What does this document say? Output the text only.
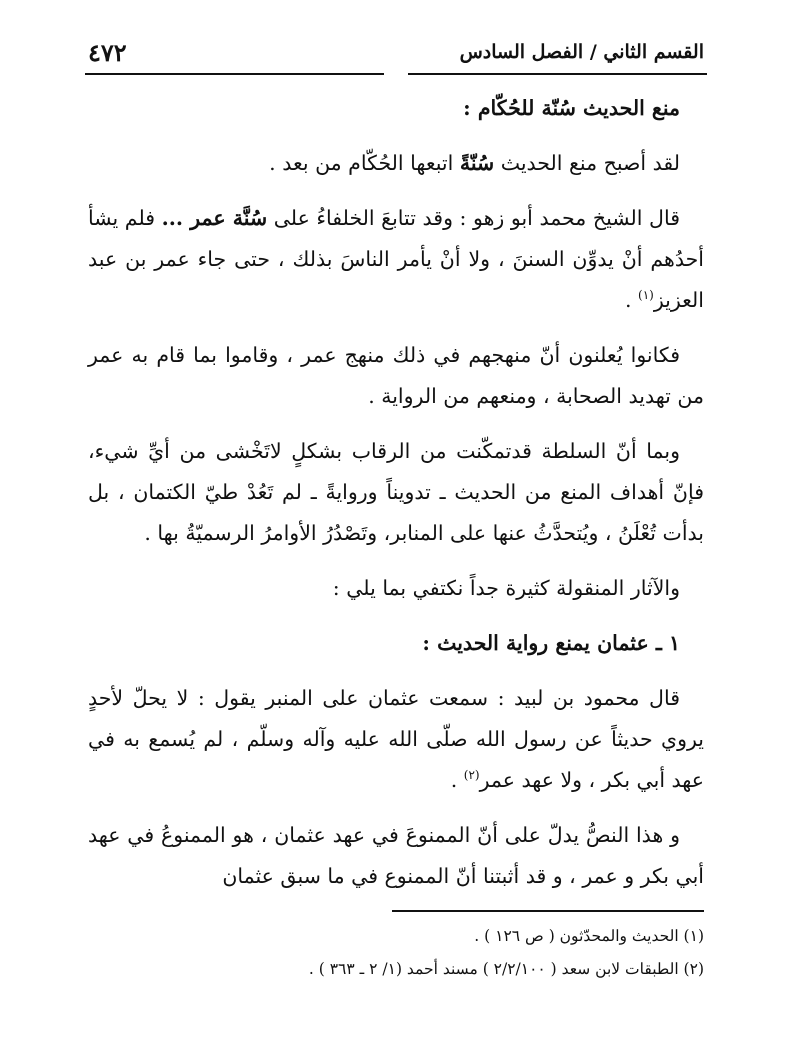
القسم الثاني / الفصل السادس
٤٧٢

منع الحديث سُنّة للحُكّام :

لقد أصبح منع الحديث سُنّةً اتبعها الحُكّام من بعد .

قال الشيخ محمد أبو زهو : وقد تتابعَ الخلفاءُ على سُنَّة عمر ... فلم يشأ أحدُهم أنْ يدوِّن السننَ ، ولا أنْ يأمر الناسَ بذلك ، حتى جاء عمر بن عبد العزيز$^{(١)}$ .

فكانوا يُعلنون أنّ منهجهم في ذلك منهج عمر ، وقاموا بما قام به عمر من تهديد الصحابة ، ومنعهم من الرواية .

وبما أنّ السلطة قدتمكّنت من الرقاب بشكلٍ لاتَخْشى من أيِّ شيء، فإنّ أهداف المنع من الحديث ـ تدويناً وروايةً ـ لم تَعُدْ طيّ الكتمان ، بل بدأت تُعْلَنُ ، ويُتحدَّثُ عنها على المنابر، وتَصْدُرُ الأوامرُ الرسميّةُ بها .

والآثار المنقولة كثيرة جداً نكتفي بما يلي :

١ ـ عثمان يمنع رواية الحديث :

قال محمود بن لبيد : سمعت عثمان على المنبر يقول : لا يحلّ لأحدٍ يروي حديثاً عن رسول الله صلّى الله عليه وآله وسلّم ، لم يُسمع به في عهد أبي بكر ، ولا عهد عمر$^{(٢)}$ .

و هذا النصُّ يدلّ على أنّ الممنوعَ في عهد عثمان ، هو الممنوعُ في عهد أبي بكر و عمر ، و قد أثبتنا أنّ الممنوع في ما سبق عثمان

(١) الحديث والمحدّثون ( ص ١٢٦ ) .
(٢) الطبقات لابن سعد ( ٢/٢/١٠٠ ) مسند أحمد (١/ ٢ ـ ٣٦٣ ) .
